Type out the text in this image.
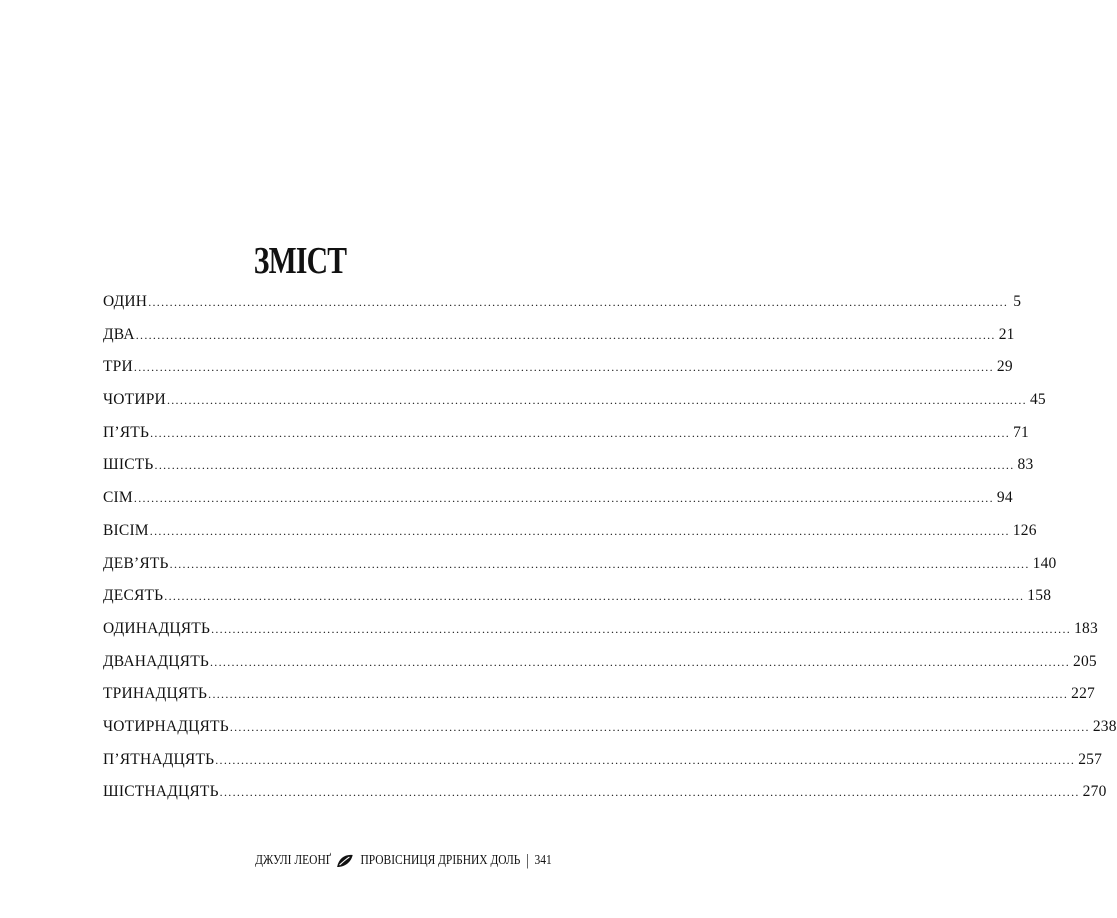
ЗМІСТ
ОДИН ........................................................................................................................................................................................................ 5
ДВА ........................................................................................................................................................................................................ 21
ТРИ ........................................................................................................................................................................................................ 29
ЧОТИРИ ........................................................................................................................................................................................................ 45
П’ЯТЬ ........................................................................................................................................................................................................ 71
ШІСТЬ ........................................................................................................................................................................................................ 83
СІМ ........................................................................................................................................................................................................ 94
ВІСІМ ........................................................................................................................................................................................................ 126
ДЕВ’ЯТЬ ........................................................................................................................................................................................................ 140
ДЕСЯТЬ ........................................................................................................................................................................................................ 158
ОДИНАДЦЯТЬ ........................................................................................................................................................................................................ 183
ДВАНАДЦЯТЬ ........................................................................................................................................................................................................ 205
ТРИНАДЦЯТЬ ........................................................................................................................................................................................................ 227
ЧОТИРНАДЦЯТЬ ........................................................................................................................................................................................................ 238
П’ЯТНАДЦЯТЬ ........................................................................................................................................................................................................ 257
ШІСТНАДЦЯТЬ ........................................................................................................................................................................................................ 270
ДЖУЛІ ЛЕОНҐ ПРОВІСНИЦЯ ДРІБНИХ ДОЛЬ | 341
